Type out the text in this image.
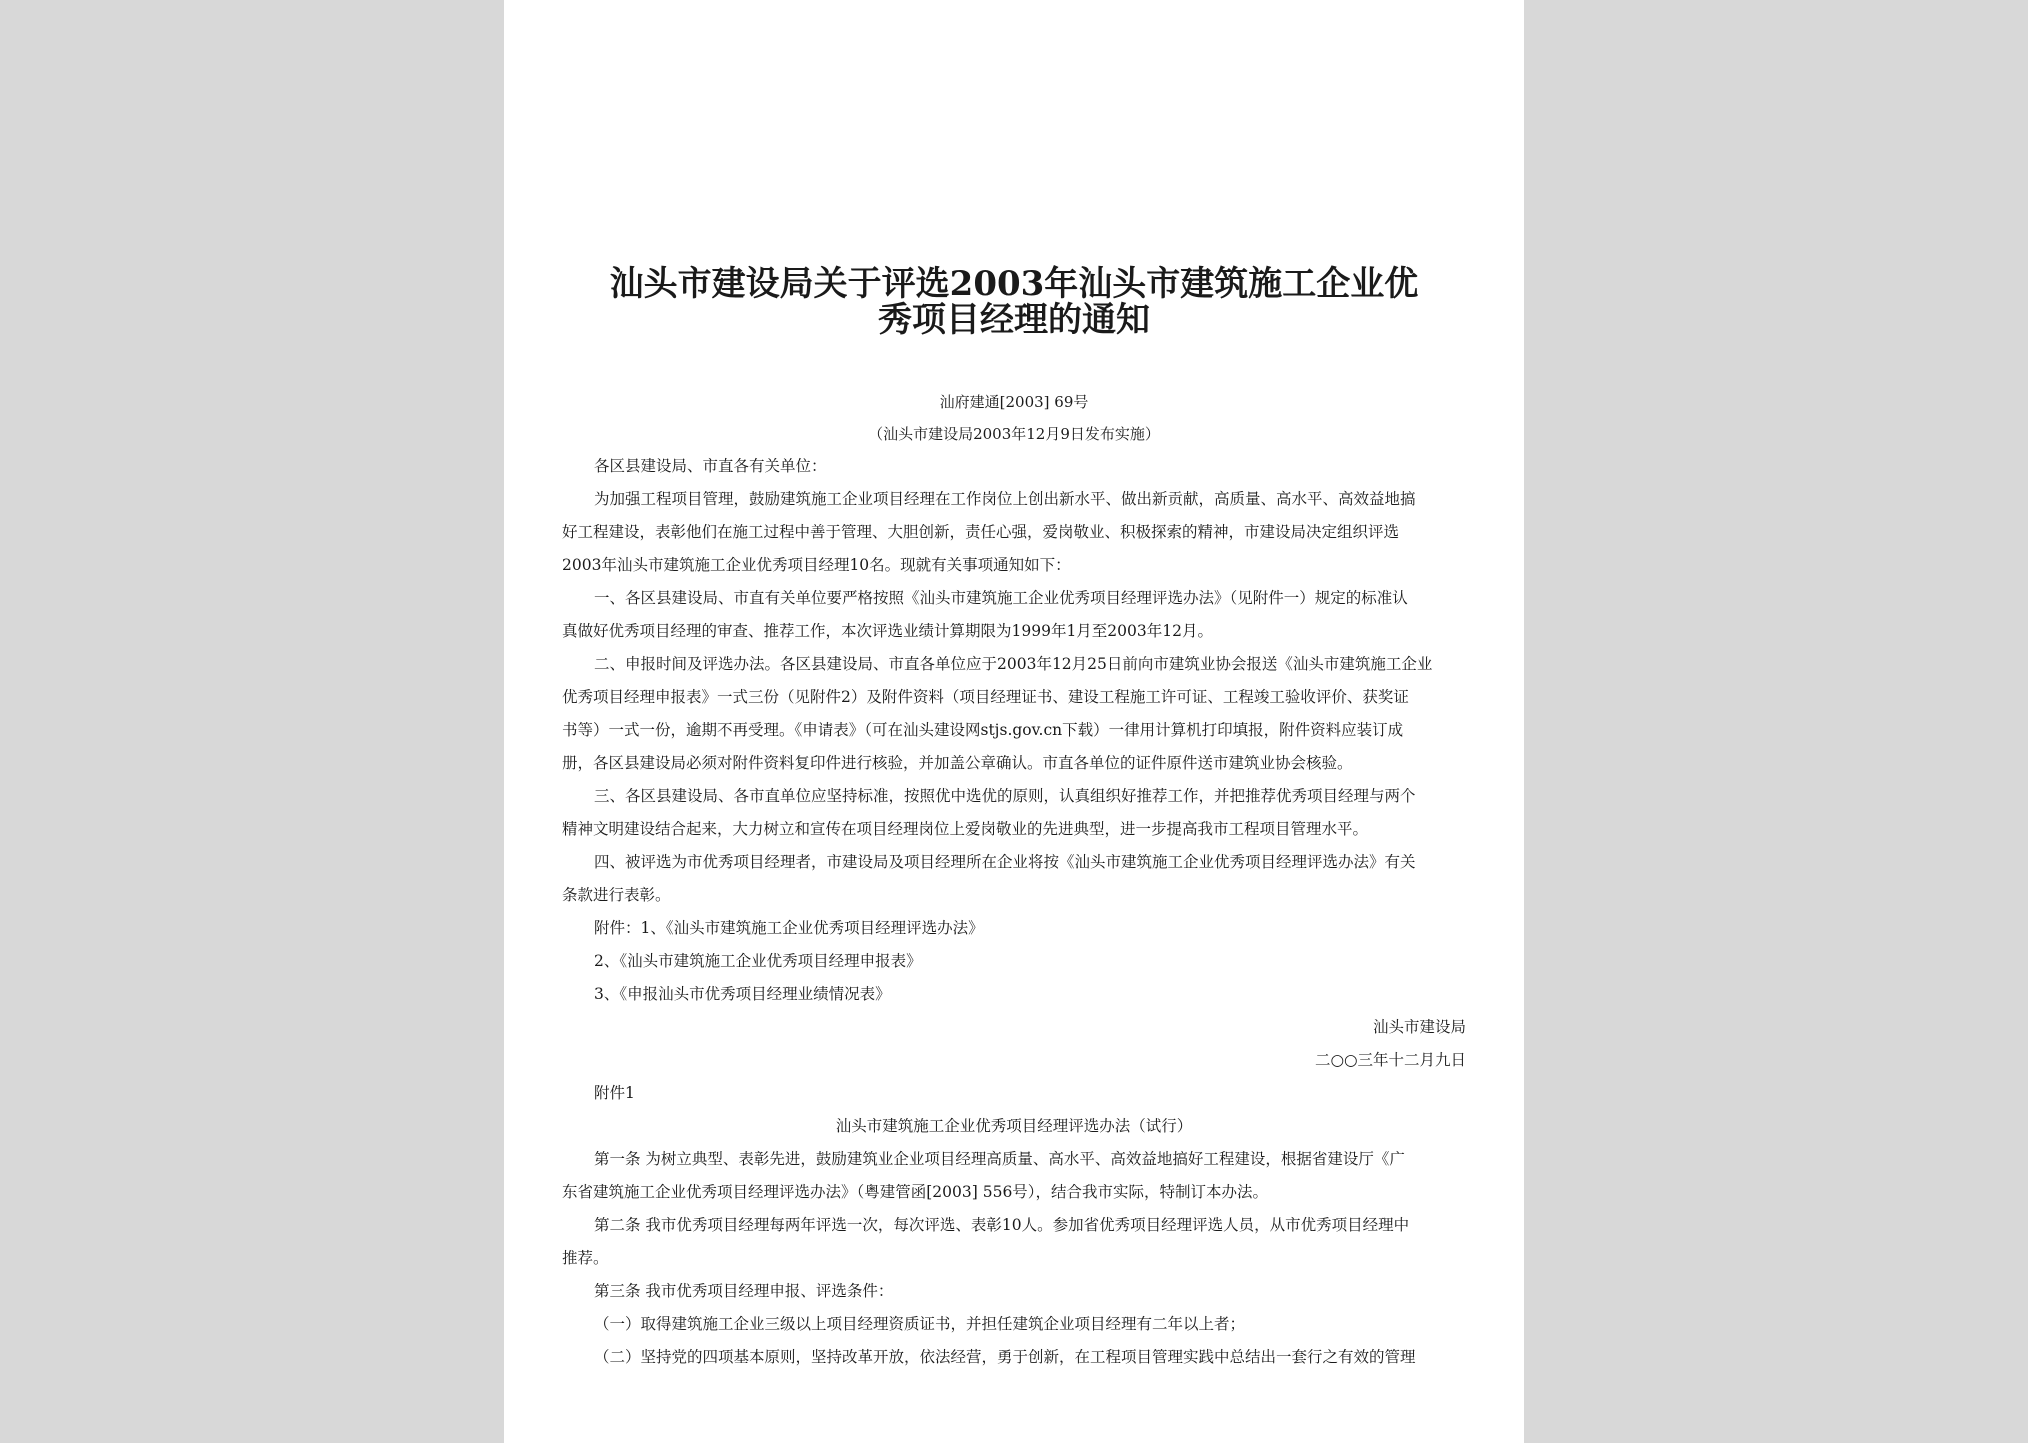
汕头市建设局关于评选2003年汕头市建筑施工企业优
秀项目经理的通知
汕府建通[2003] 69号
（汕头市建设局2003年12月9日发布实施）
各区县建设局、市直各有关单位：
为加强工程项目管理，鼓励建筑施工企业项目经理在工作岗位上创出新水平、做出新贡献，高质量、高水平、高效益地搞
好工程建设，表彰他们在施工过程中善于管理、大胆创新，责任心强，爱岗敬业、积极探索的精神，市建设局决定组织评选
2003年汕头市建筑施工企业优秀项目经理10名。现就有关事项通知如下：
一、各区县建设局、市直有关单位要严格按照《汕头市建筑施工企业优秀项目经理评选办法》（见附件一）规定的标准认
真做好优秀项目经理的审查、推荐工作，本次评选业绩计算期限为1999年1月至2003年12月。
二、申报时间及评选办法。各区县建设局、市直各单位应于2003年12月25日前向市建筑业协会报送《汕头市建筑施工企业
优秀项目经理申报表》一式三份（见附件2）及附件资料（项目经理证书、建设工程施工许可证、工程竣工验收评价、获奖证
书等）一式一份，逾期不再受理。《申请表》（可在汕头建设网stjs.gov.cn下载）一律用计算机打印填报，附件资料应装订成
册，各区县建设局必须对附件资料复印件进行核验，并加盖公章确认。市直各单位的证件原件送市建筑业协会核验。
三、各区县建设局、各市直单位应坚持标准，按照优中选优的原则，认真组织好推荐工作，并把推荐优秀项目经理与两个
精神文明建设结合起来，大力树立和宣传在项目经理岗位上爱岗敬业的先进典型，进一步提高我市工程项目管理水平。
四、被评选为市优秀项目经理者，市建设局及项目经理所在企业将按《汕头市建筑施工企业优秀项目经理评选办法》有关
条款进行表彰。
附件：1、《汕头市建筑施工企业优秀项目经理评选办法》
2、《汕头市建筑施工企业优秀项目经理申报表》
3、《申报汕头市优秀项目经理业绩情况表》
汕头市建设局
二○○三年十二月九日
附件1
汕头市建筑施工企业优秀项目经理评选办法（试行）
第一条 为树立典型、表彰先进，鼓励建筑业企业项目经理高质量、高水平、高效益地搞好工程建设，根据省建设厅《广
东省建筑施工企业优秀项目经理评选办法》（粤建管函[2003] 556号），结合我市实际，特制订本办法。
第二条 我市优秀项目经理每两年评选一次，每次评选、表彰10人。参加省优秀项目经理评选人员，从市优秀项目经理中
推荐。
第三条 我市优秀项目经理申报、评选条件：
（一）取得建筑施工企业三级以上项目经理资质证书，并担任建筑企业项目经理有二年以上者；
（二）坚持党的四项基本原则，坚持改革开放，依法经营，勇于创新，在工程项目管理实践中总结出一套行之有效的管理
